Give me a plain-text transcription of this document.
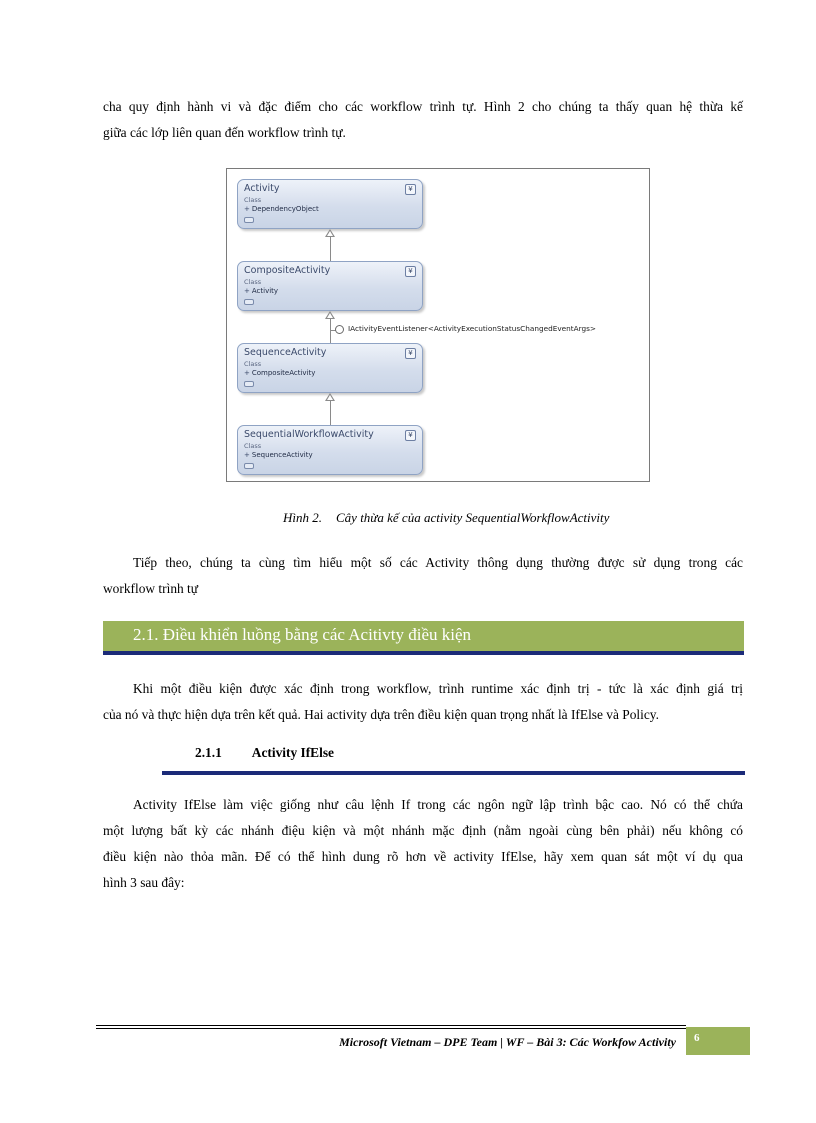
cha quy định hành vi và đặc điểm cho các workflow trình tự. Hình 2 cho chúng ta thấy quan hệ thừa kế
giữa các lớp liên quan đến workflow trình tự.
Activity	¥
Class
+ DependencyObject
CompositeActivity	¥
Class
+ Activity
IActivityEventListener<ActivityExecutionStatusChangedEventArgs>
SequenceActivity	¥
Class
+ CompositeActivity
SequentialWorkflowActivity	¥
Class
+ SequenceActivity
Hình 2. Cây thừa kế của activity SequentialWorkflowActivity
Tiếp theo, chúng ta cùng tìm hiểu một số các Activity thông dụng thường được sử dụng trong các
workflow trình tự
2.1. Điều khiển luồng bằng các Acitivty điều kiện
Khi một điều kiện được xác định trong workflow, trình runtime xác định trị - tức là xác định giá trị
của nó và thực hiện dựa trên kết quả. Hai activity dựa trên điều kiện quan trọng nhất là IfElse và Policy.
2.1.1 Activity IfElse
Activity IfElse làm việc giống như câu lệnh If trong các ngôn ngữ lập trình bậc cao. Nó có thể chứa
một lượng bất kỳ các nhánh điệu kiện và một nhánh mặc định (nằm ngoài cùng bên phải) nếu không có
điều kiện nào thỏa mãn. Để có thể hình dung rõ hơn về activity IfElse, hãy xem quan sát một ví dụ qua
hình 3 sau đây:
Microsoft Vietnam – DPE Team | WF – Bài 3: Các Workfow Activity 6
